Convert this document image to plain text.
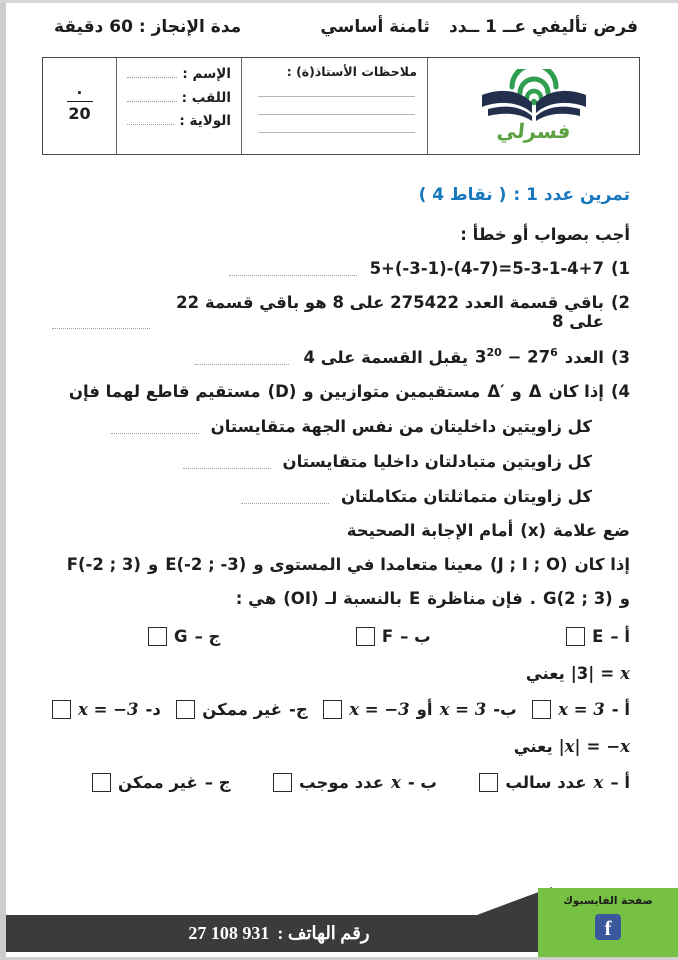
فرض تأليفي عــ 1 ــدد
ثامنة أساسي
مدة الإنجاز : 60 دقيقة
فسرلي
ملاحظات الأستاذ(ة) :
الإسم :
اللقب :
الولاية :
$\frac{\cdot}{20}$
تمرين عدد 1 :
( 4 نقاط )
أجب بصواب أو خطأ :
(1
5+(-3-1)-(4-7)=5-3-1-4+7
(2
باقي قسمة العدد 275422 على 8 هو باقي قسمة 22 على 8
(3
العدد
$3^{20} - 27^6$
يقبل القسمة على 4
(4
إذا كان
Δ
و
Δ′
مستقيمين متوازيين و
(D)
مستقيم قاطع لهما فإن
كل زاويتين داخليتان من نفس الجهة متقايستان
كل زاويتين متبادلتان داخليا متقايستان
كل زاويتان متماثلتان متكاملتان
ضع علامة
(x)
أمام الإجابة الصحيحة
إذا كان
(J ; I ; O)
معينا متعامدا في المستوى و
E(-2 ; -3)
و
F(-2 ; 3)
و
G(2 ; 3)
.
فإن مناظرة
E
بالنسبة لـ
(OI)
هي :
أ –
E
ب –
F
ج –
G
x
=
|3|
يعني
أ -
x = 3
ب-
x = 3
أو
x = −3
ج-
غير ممكن
د-
x = −3
−x
=
|x|
يعني
أ –
x
عدد سالب
ب -
x
عدد موجب
ج –
غير ممكن
رقم الهاتف :
27 108 931
صفحة الفايسبوك
f
